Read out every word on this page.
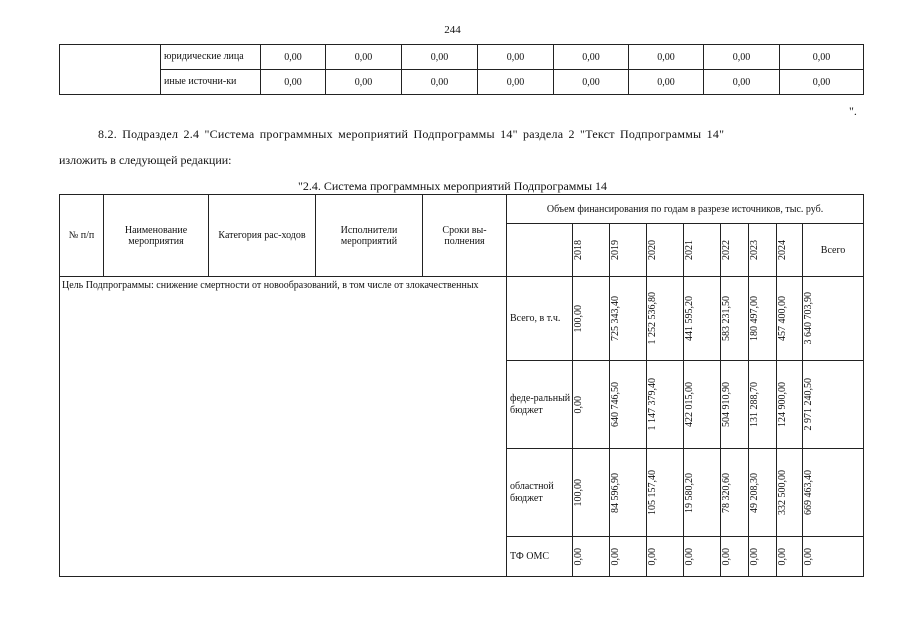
244
	юридические лица	0,00	0,00	0,00	0,00	0,00	0,00	0,00	0,00
	иные источни-ки	0,00	0,00	0,00	0,00	0,00	0,00	0,00	0,00
".
8.2. Подраздел 2.4 "Система программных мероприятий Подпрограммы 14" раздела 2 "Текст Подпрограммы 14"
изложить в следующей редакции:
"2.4. Система программных мероприятий Подпрограммы 14
№ п/п	Наименование мероприятия	Категория рас-ходов	Исполнители мероприятий	Сроки вы-полнения	Объем финансирования по годам в разрезе источников, тыс. руб.								

						2018	2019	2020	2021	2022	2023	2024	Всего
Цель Подпрограммы: снижение смертности от новообразований, в том числе от злокачественных					Всего, в т.ч.	100,00	725 343,40	1 252 536,80	441 595,20	583 231,50	180 497,00	457 400,00	3 640 703,90

					феде-ральный бюджет	0,00	640 746,50	1 147 379,40	422 015,00	504 910,90	131 288,70	124 900,00	2 971 240,50

					областной бюджет	100,00	84 596,90	105 157,40	19 580,20	78 320,60	49 208,30	332 500,00	669 463,40

					ТФ ОМС	0,00	0,00	0,00	0,00	0,00	0,00	0,00	0,00
